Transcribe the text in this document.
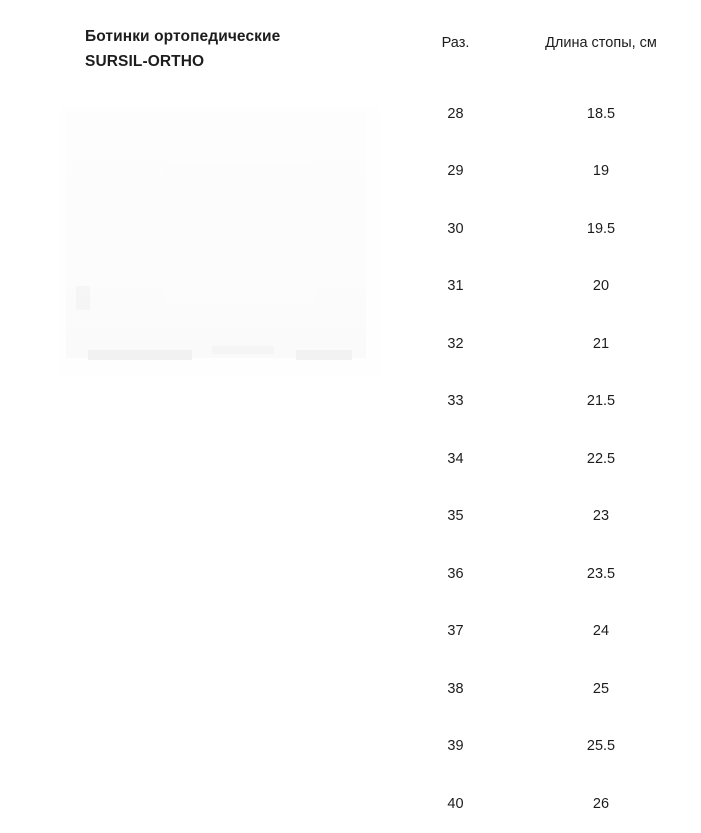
Ботинки ортопедические
SURSIL-ORTHO
Раз.	Длина стопы, см
28	18.5
29	19
30	19.5
31	20
32	21
33	21.5
34	22.5
35	23
36	23.5
37	24
38	25
39	25.5
40	26
